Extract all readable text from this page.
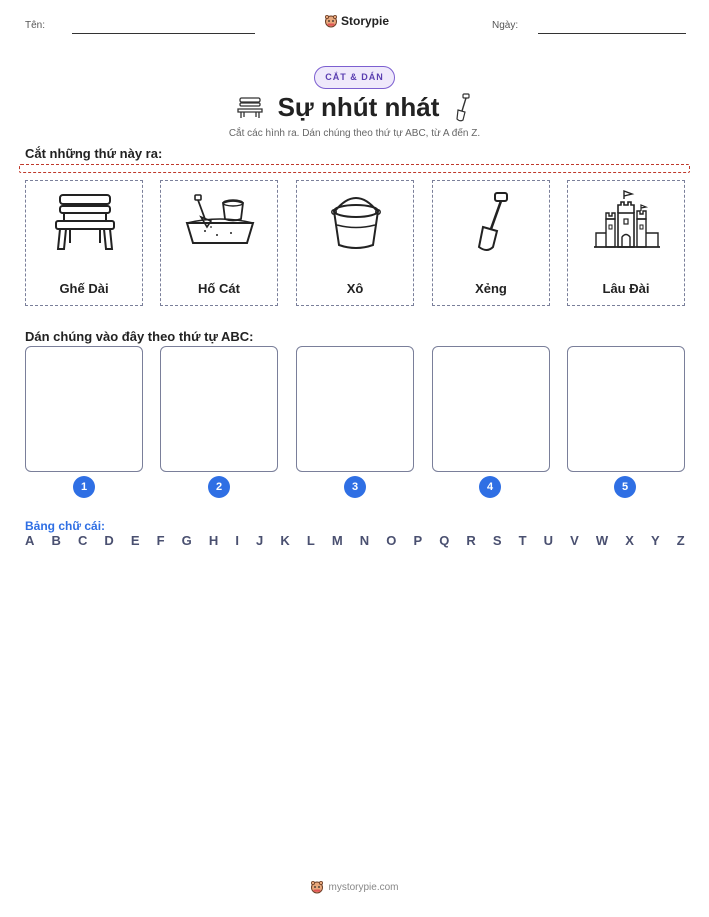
Tên:	Storypie	Ngày:
CẮT & DÁN
Sự nhút nhát
Cắt các hình ra. Dán chúng theo thứ tự ABC, từ A đến Z.
Cắt những thứ này ra:
Ghế Dài	Hố Cát	Xô	Xẻng	Lâu Đài
Dán chúng vào đây theo thứ tự ABC:
1	2	3	4	5
Bảng chữ cái:
A B C D E F G H I J K L M N O P Q R S T U V W X Y Z
mystorypie.com
